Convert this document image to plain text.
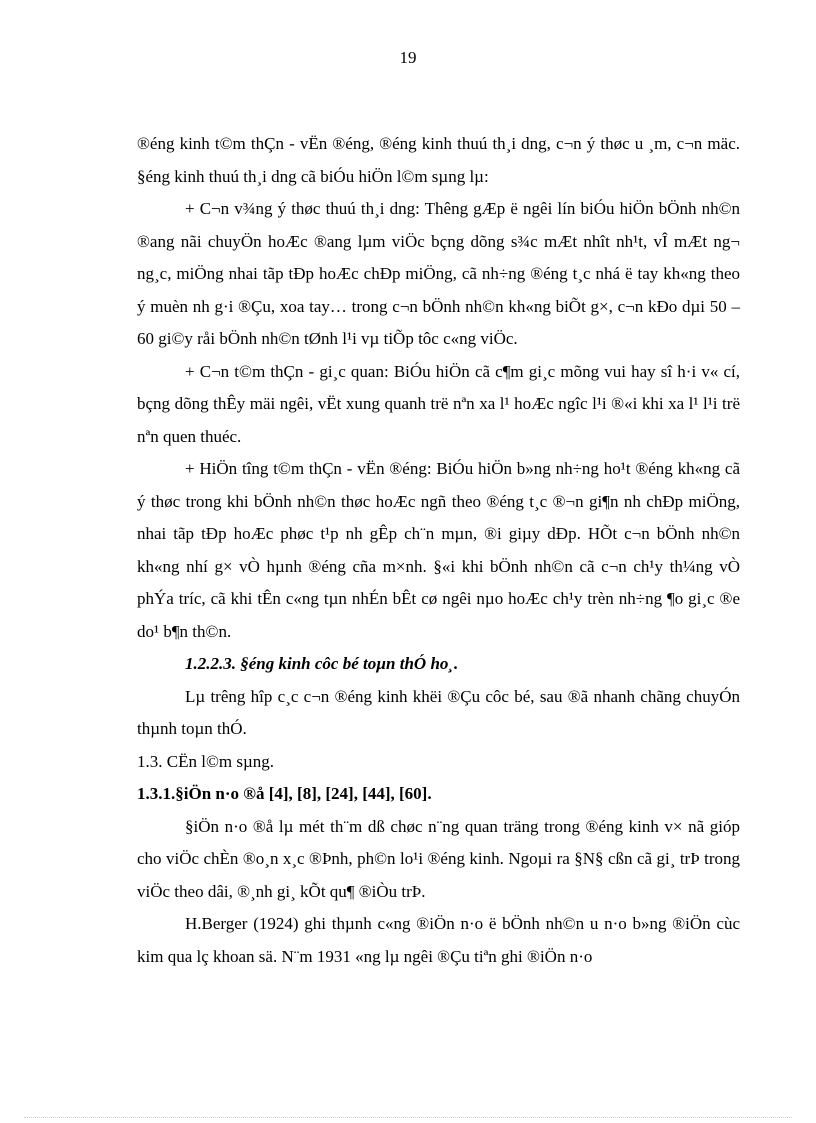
19

®éng kinh t©m thÇn - vËn ®éng, ®éng kinh thuú th¸i dng, c¬n ý thøc u ¸m, c¬n mäc. §éng kinh thuú th¸i dng cã biÓu hiÖn l©m sµng lµ:

+ C¬n v¾ng ý thøc thuú th¸i dng: Thêng gÆp ë ngêi lín biÓu hiÖn bÖnh nh©n ®ang nãi chuyÖn hoÆc ®ang lµm viÖc bçng dõng s¾c mÆt nhît nh¹t, vÎ mÆt ng¬ ng¸c, miÖng nhai tãp tÐp hoÆc chÐp miÖng, cã nh÷ng ®éng t¸c nhá ë tay kh«ng theo ý muèn nh g·i ®Çu, xoa tay… trong c¬n bÖnh nh©n kh«ng biÕt g×, c¬n kÐo dµi 50 – 60 gi©y råi bÖnh nh©n tØnh l¹i vµ tiÕp tôc c«ng viÖc.

+ C¬n t©m thÇn - gi¸c quan: BiÓu hiÖn cã c¶m gi¸c mõng vui hay sî h·i v« cí, bçng dõng thÊy mäi ngêi, vËt xung quanh trë nªn xa l¹ hoÆc ngîc l¹i ®«i khi xa l¹ l¹i trë nªn quen thuéc.

+ HiÖn tîng t©m thÇn - vËn ®éng: BiÓu hiÖn b»ng nh÷ng ho¹t ®éng kh«ng cã ý thøc trong khi bÖnh nh©n thøc hoÆc ngñ theo ®éng t¸c ®¬n gi¶n nh chÐp miÖng, nhai tãp tÐp hoÆc phøc t¹p nh gÊp ch¨n mµn, ®i giµy dÐp. HÕt c¬n bÖnh nh©n kh«ng nhí g× vÒ hµnh ®éng cña m×nh. §«i khi bÖnh nh©n cã c¬n ch¹y th¼ng vÒ phÝa tríc, cã khi tÊn c«ng tµn nhÉn bÊt cø ngêi nµo hoÆc ch¹y trèn nh÷ng ¶o gi¸c ®e do¹ b¶n th©n.

1.2.2.3. §éng kinh côc bé toµn thÓ ho¸.

Lµ trêng hîp c¸c c¬n ®éng kinh khëi ®Çu côc bé, sau ®ã nhanh chãng chuyÓn thµnh toµn thÓ.

1.3. CËn l©m sµng.

1.3.1.§iÖn n·o ®å [4], [8], [24], [44], [60].

§iÖn n·o ®å lµ mét th¨m dß chøc n¨ng quan träng trong ®éng kinh v× nã gióp cho viÖc chÈn ®o¸n x¸c ®Þnh, ph©n lo¹i ®éng kinh. Ngoµi ra §N§ cßn cã gi¸ trÞ trong viÖc theo dâi, ®¸nh gi¸ kÕt qu¶ ®iÒu trÞ.

H.Berger (1924) ghi thµnh c«ng ®iÖn n·o ë bÖnh nh©n u n·o b»ng ®iÖn cùc kim qua lç khoan sä. N¨m 1931 «ng lµ ngêi ®Çu tiªn ghi ®iÖn n·o
